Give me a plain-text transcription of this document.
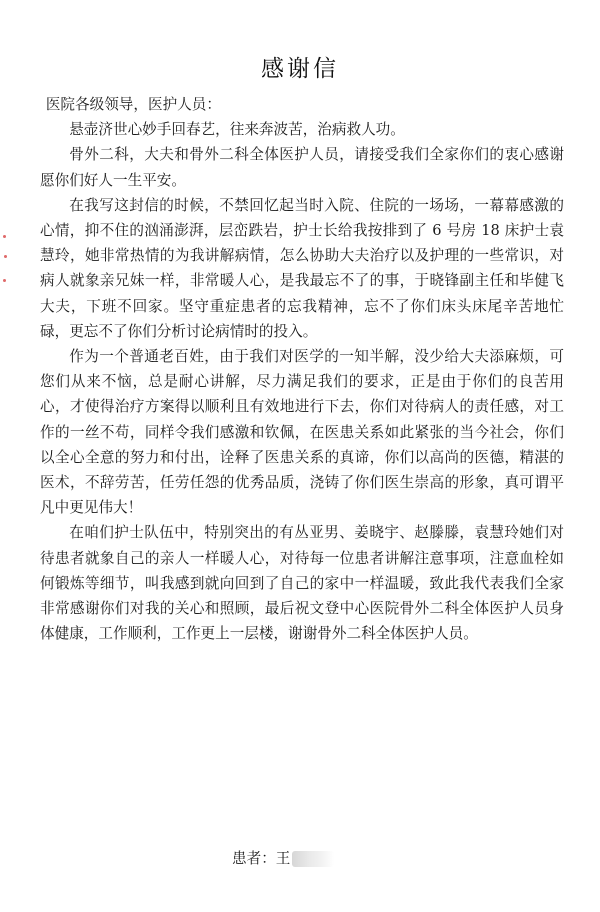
感谢信

医院各级领导，医护人员：

悬壶济世心妙手回春艺，往来奔波苦，治病救人功。

骨外二科，大夫和骨外二科全体医护人员，请接受我们全家你们的衷心感谢愿你们好人一生平安。

在我写这封信的时候，不禁回忆起当时入院、住院的一场场，一幕幕感激的心情，抑不住的汹涌澎湃，层峦跌岩，护士长给我按排到了 6 号房 18 床护士袁慧玲，她非常热情的为我讲解病情，怎么协助大夫治疗以及护理的一些常识，对病人就象亲兄妹一样，非常暖人心，是我最忘不了的事，于晓锋副主任和毕健飞大夫，下班不回家。坚守重症患者的忘我精神，忘不了你们床头床尾辛苦地忙碌，更忘不了你们分析讨论病情时的投入。

作为一个普通老百姓，由于我们对医学的一知半解，没少给大夫添麻烦，可您们从来不恼，总是耐心讲解，尽力满足我们的要求，正是由于你们的良苦用心，才使得治疗方案得以顺利且有效地进行下去，你们对待病人的责任感，对工作的一丝不苟，同样令我们感激和钦佩，在医患关系如此紧张的当今社会，你们以全心全意的努力和付出，诠释了医患关系的真谛，你们以高尚的医德，精湛的医术，不辞劳苦，任劳任怨的优秀品质，浇铸了你们医生崇高的形象，真可谓平凡中更见伟大！

在咱们护士队伍中，特别突出的有丛亚男、姜晓宇、赵滕滕，袁慧玲她们对待患者就象自己的亲人一样暖人心，对待每一位患者讲解注意事项，注意血栓如何锻炼等细节，叫我感到就向回到了自己的家中一样温暖，致此我代表我们全家非常感谢你们对我的关心和照顾，最后祝文登中心医院骨外二科全体医护人员身体健康，工作顺利，工作更上一层楼，谢谢骨外二科全体医护人员。

患者：王
